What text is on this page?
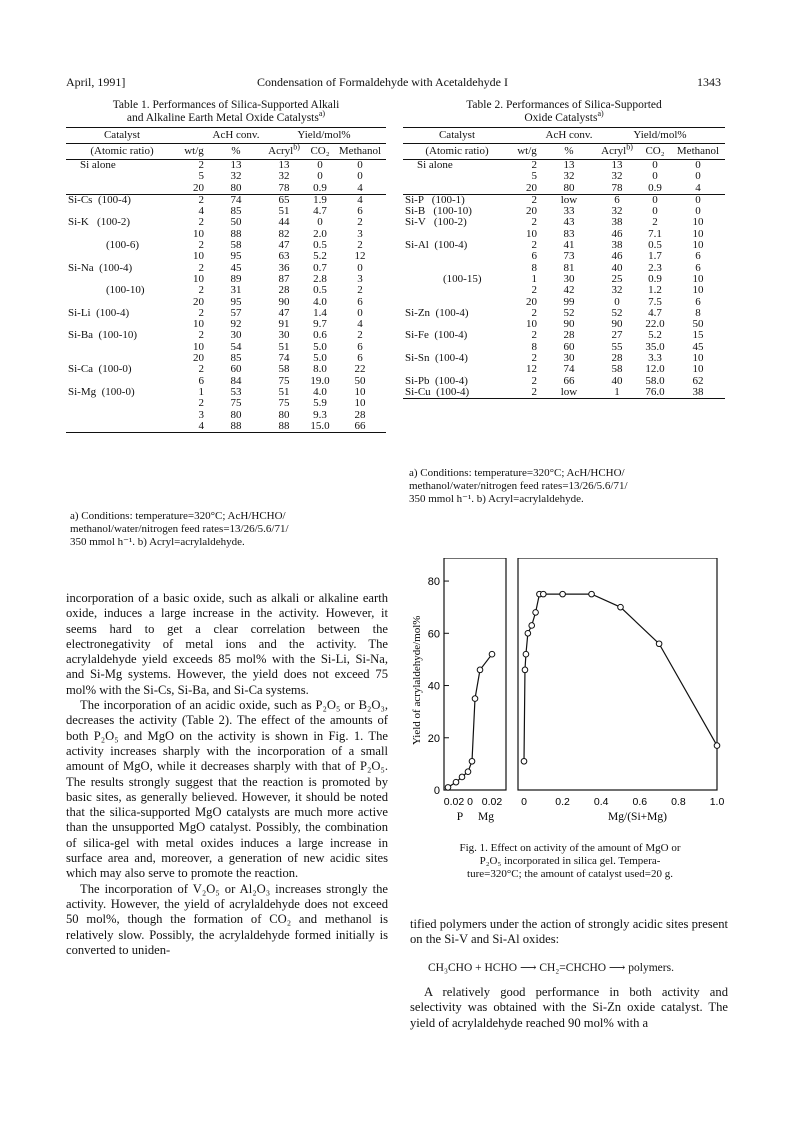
April, 1991]	Condensation of Formaldehyde with Acetaldehyde I	1343
Table 1. Performances of Silica-Supported Alkali
and Alkaline Earth Metal Oxide Catalysts$^{a)}$
Catalyst		AcH conv.	Yield/mol%		
(Atomic ratio)	wt/g	%	Acryl$^{b)}$	CO₂	Methanol
Si alone	2	13	13	0	0
	5	32	32	0	0
	20	80	78	0.9	4
Si-Cs  (100-4)	2	74	65	1.9	4
	4	85	51	4.7	6
Si-K   (100-2)	2	50	44	0	2
	10	88	82	2.0	3
(100-6)	2	58	47	0.5	2
	10	95	63	5.2	12
Si-Na  (100-4)	2	45	36	0.7	0
	10	89	87	2.8	3
(100-10)	2	31	28	0.5	2
	20	95	90	4.0	6
Si-Li  (100-4)	2	57	47	1.4	0
	10	92	91	9.7	4
Si-Ba  (100-10)	2	30	30	0.6	2
	10	54	51	5.0	6
	20	85	74	5.0	6
Si-Ca  (100-0)	2	60	58	8.0	22
	6	84	75	19.0	50
Si-Mg  (100-0)	1	53	51	4.0	10
	2	75	75	5.9	10
	3	80	80	9.3	28
	4	88	88	15.0	66
a) Conditions: temperature=320°C; AcH/HCHO/
methanol/water/nitrogen feed rates=13/26/5.6/71/
350 mmol h⁻¹. b) Acryl=acrylaldehyde.
Table 2. Performances of Silica-Supported
Oxide Catalysts$^{a)}$
Catalyst		AcH conv.	Yield/mol%		
(Atomic ratio)	wt/g	%	Acryl$^{b)}$	CO₂	Methanol
Si alone	2	13	13	0	0
	5	32	32	0	0
	20	80	78	0.9	4
Si-P   (100-1)	2	low	6	0	0
Si-B   (100-10)	20	33	32	0	0
Si-V   (100-2)	2	43	38	2	10
	10	83	46	7.1	10
Si-Al  (100-4)	2	41	38	0.5	10
	6	73	46	1.7	6
	8	81	40	2.3	6
(100-15)	1	30	25	0.9	10
	2	42	32	1.2	10
	20	99	0	7.5	6
Si-Zn  (100-4)	2	52	52	4.7	8
	10	90	90	22.0	50
Si-Fe  (100-4)	2	28	27	5.2	15
	8	60	55	35.0	45
Si-Sn  (100-4)	2	30	28	3.3	10
	12	74	58	12.0	10
Si-Pb  (100-4)	2	66	40	58.0	62
Si-Cu  (100-4)	2	low	1	76.0	38
a) Conditions: temperature=320°C; AcH/HCHO/
methanol/water/nitrogen feed rates=13/26/5.6/71/
350 mmol h⁻¹. b) Acryl=acrylaldehyde.

incorporation of a basic oxide, such as alkali or alkaline earth oxide, induces a large increase in the activity. However, it seems hard to get a clear correlation between the electronegativity of metal ions and the activity. The acrylaldehyde yield exceeds 85 mol% with the Si-Li, Si-Na, and Si-Mg systems. However, the yield does not exceed 75 mol% with the Si-Cs, Si-Ba, and Si-Ca systems.

The incorporation of an acidic oxide, such as P₂O₅ or B₂O₃, decreases the activity (Table 2). The effect of the amounts of both P₂O₅ and MgO on the activity is shown in Fig. 1. The activity increases sharply with the incorporation of a small amount of MgO, while it decreases sharply with that of P₂O₅. The results strongly suggest that the reaction is promoted by basic sites, as generally believed. However, it should be noted that the silica-supported MgO catalysts are much more active than the unsupported MgO catalyst. Possibly, the combination of silica-gel with metal oxides induces a large increase in surface area and, moreover, a generation of new acidic sites which may also serve to promote the reaction.

The incorporation of V₂O₅ or Al₂O₃ increases strongly the activity. However, the yield of acrylaldehyde does not exceed 50 mol%, though the formation of CO₂ and methanol is relatively slow. Possibly, the acrylaldehyde formed initially is converted to uniden-

0
20
40
60
80
Yield of acrylaldehyde/mol%
0.02 0 0.02
P Mg
0	0.2 0.4 0.6 0.8 1.0
Mg/(Si+Mg)
Fig. 1. Effect on activity of the amount of MgO or
P₂O₅ incorporated in silica gel. Tempera-
ture=320°C; the amount of catalyst used=20 g.

tified polymers under the action of strongly acidic sites present on the Si-V and Si-Al oxides:

CH₃CHO + HCHO ⟶ CH₂=CHCHO ⟶ polymers.

A relatively good performance in both activity and selectivity was obtained with the Si-Zn oxide catalyst. The yield of acrylaldehyde reached 90 mol% with a
